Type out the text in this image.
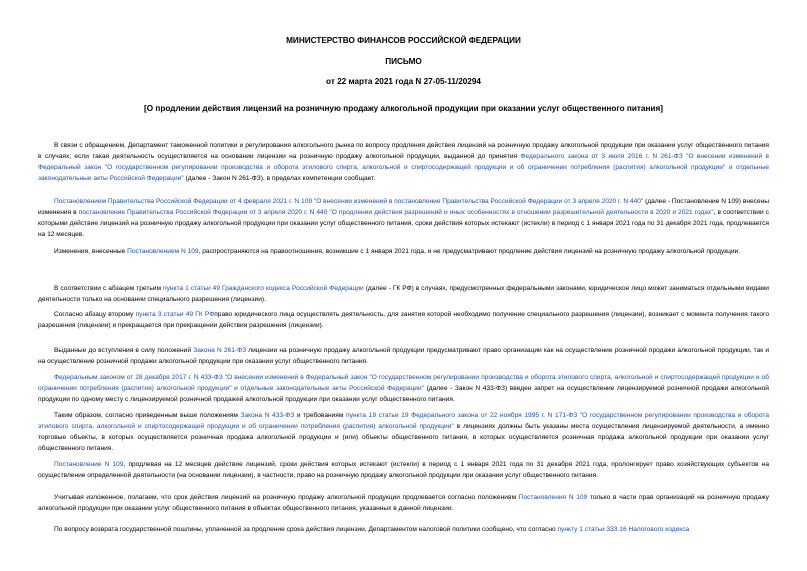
МИНИСТЕРСТВО ФИНАНСОВ РОССИЙСКОЙ ФЕДЕРАЦИИ
ПИСЬМО
от 22 марта 2021 года N 27-05-11/20294
[О продлении действия лицензий на розничную продажу алкогольной продукции при оказании услуг общественного питания]

В связи с обращением, Департамент таможенной политики и регулирования алкогольного рынка по вопросу продления действия лицензий на розничную продажу алкогольной продукции при оказании услуг общественного питания в случаях, если такая деятельность осуществляется на основании лицензии на розничную продажу алкогольной продукции, выданной до принятия Федерального закона от 3 июля 2016 г. N 261-ФЗ "О внесении изменений в Федеральный закон "О государственном регулировании производства и оборота этилового спирта, алкогольной и спиртосодержащей продукции и об ограничении потребления (распития) алкогольной продукции" и отдельные законодательные акты Российской Федерации" (далее - Закон N 261-ФЗ), в пределах компетенции сообщает.

Постановлением Правительства Российской Федерации от 4 февраля 2021 г. N 109 "О внесении изменений в постановление Правительства Российской Федерации от 3 апреля 2020 г. N 440" (далее - Постановление N 109) внесены изменения в постановление Правительства Российской Федерации от 3 апреля 2020 г. N 440 "О продлении действия разрешений и иных особенностях в отношении разрешительной деятельности в 2020 и 2021 годах", в соответствии с которыми действие лицензий на розничную продажу алкогольной продукции при оказании услуг общественного питания, сроки действия которых истекают (истекли) в период с 1 января 2021 года по 31 декабря 2021 года, продлевается на 12 месяцев.

Изменения, внесенные Постановлением N 109, распространяются на правоотношения, возникшие с 1 января 2021 года, и не предусматривают продление действия лицензий на розничную продажу алкогольной продукции.

В соответствии с абзацем третьим пункта 1 статьи 49 Гражданского кодекса Российской Федерации (далее - ГК РФ) в случаях, предусмотренных федеральными законами, юридическое лицо может заниматься отдельными видами деятельности только на основании специального разрешения (лицензии).

Согласно абзацу второму пункта 3 статьи 49 ГК РФправо юридического лица осуществлять деятельность, для занятия которой необходимо получение специального разрешения (лицензии), возникает с момента получения такого разрешения (лицензии) и прекращается при прекращении действия разрешения (лицензии).

Выданные до вступления в силу положений Закона N 261-ФЗ лицензии на розничную продажу алкогольной продукции предусматривают право организации как на осуществление розничной продажи алкогольной продукции, так и на осуществление розничной продажи алкогольной продукции при оказании услуг общественного питания.

Федеральным законом от 28 декабря 2017 г. N 433-ФЗ "О внесении изменений в Федеральный закон "О государственном регулировании производства и оборота этилового спирта, алкогольной и спиртосодержащей продукции и об ограничении потребления (распития) алкогольной продукции" и отдельные законодательные акты Российской Федерации" (далее - Закон N 433-ФЗ) введен запрет на осуществление лицензируемой розничной продажи алкогольной продукции по одному месту с лицензируемой розничной продажей алкогольной продукции при оказании услуг общественного питания.

Таким образом, согласно приведенным выше положениям Закона N 433-ФЗ и требованиям пункта 19 статьи 19 Федерального закона от 22 ноября 1995 г. N 171-ФЗ "О государственном регулировании производства и оборота этилового спирта, алкогольной и спиртосодержащей продукции и об ограничении потребления (распития) алкогольной продукции" в лицензиях должны быть указаны места осуществления лицензируемой деятельности, а именно торговые объекты, в которых осуществляется розничная продажа алкогольной продукции и (или) объекты общественного питания, в которых осуществляется розничная продажа алкогольной продукции при оказании услуг общественного питания.

Постановление N 109, продлевая на 12 месяцев действие лицензий, сроки действия которых истекают (истекли) в период с 1 января 2021 года по 31 декабря 2021 года, пролонгирует право хозяйствующих субъектов на осуществление определенной деятельности (на основании лицензии), в частности, право на розничную продажу алкогольной продукции при оказании услуг общественного питания.

Учитывая изложенное, полагаем, что срок действия лицензий на розничную продажу алкогольной продукции продлевается согласно положениям Постановления N 109 только в части прав организаций на розничную продажу алкогольной продукции при оказании услуг общественного питания в объектах общественного питания, указанных в данной лицензии.

По вопросу возврата государственной пошлины, уплаченной за продление срока действия лицензии, Департаментом налоговой политики сообщено, что согласно пункту 1 статьи 333.16 Налогового кодекса
